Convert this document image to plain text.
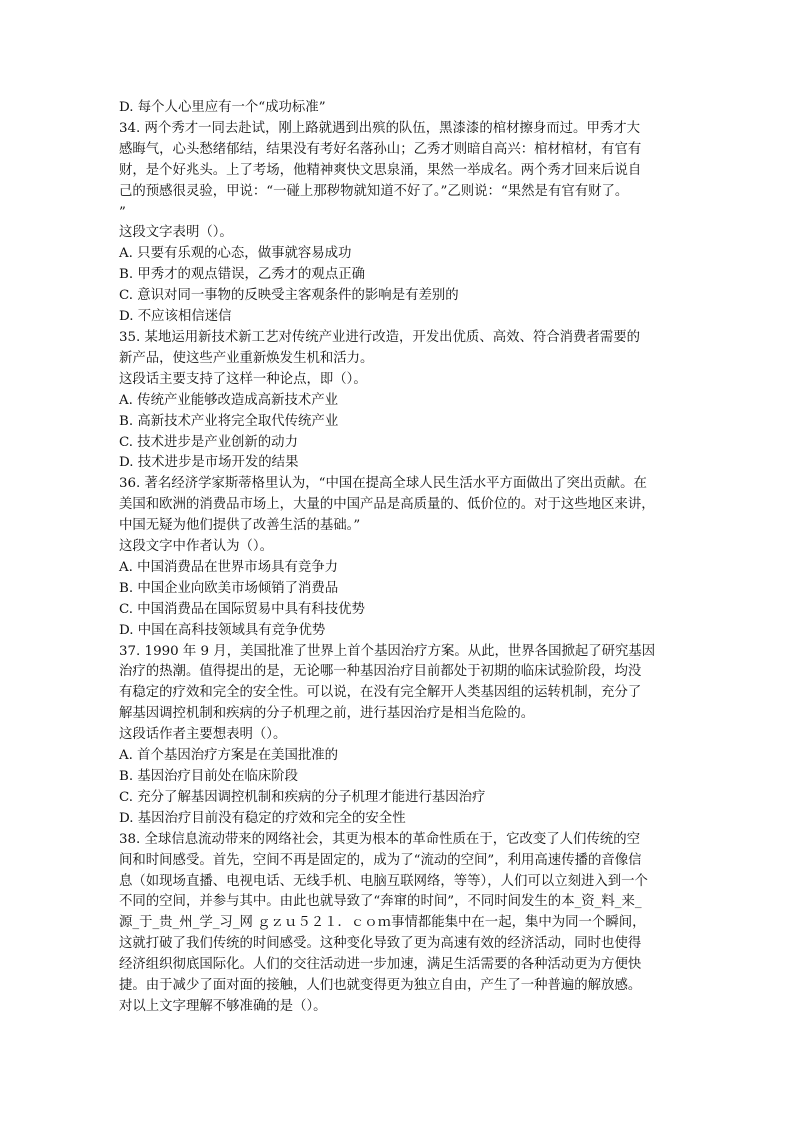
D. 每个人心里应有一个“成功标准”
34. 两个秀才一同去赴试，刚上路就遇到出殡的队伍，黑漆漆的棺材擦身而过。甲秀才大
感晦气，心头愁绪郁结，结果没有考好名落孙山；乙秀才则暗自高兴：棺材棺材，有官有
财，是个好兆头。上了考场，他精神爽快文思泉涌，果然一举成名。两个秀才回来后说自
己的预感很灵验，甲说：“一碰上那秽物就知道不好了。”乙则说：“果然是有官有财了。
”
这段文字表明（）。
A. 只要有乐观的心态，做事就容易成功
B. 甲秀才的观点错误，乙秀才的观点正确
C. 意识对同一事物的反映受主客观条件的影响是有差别的
D. 不应该相信迷信
35. 某地运用新技术新工艺对传统产业进行改造，开发出优质、高效、符合消费者需要的
新产品，使这些产业重新焕发生机和活力。
这段话主要支持了这样一种论点，即（）。
A. 传统产业能够改造成高新技术产业
B. 高新技术产业将完全取代传统产业
C. 技术进步是产业创新的动力
D. 技术进步是市场开发的结果
36. 著名经济学家斯蒂格里认为，“中国在提高全球人民生活水平方面做出了突出贡献。在
美国和欧洲的消费品市场上，大量的中国产品是高质量的、低价位的。对于这些地区来讲，
中国无疑为他们提供了改善生活的基础。”
这段文字中作者认为（）。
A. 中国消费品在世界市场具有竞争力
B. 中国企业向欧美市场倾销了消费品
C. 中国消费品在国际贸易中具有科技优势
D. 中国在高科技领域具有竞争优势
37. 1990 年 9 月，美国批准了世界上首个基因治疗方案。从此，世界各国掀起了研究基因
治疗的热潮。值得提出的是，无论哪一种基因治疗目前都处于初期的临床试验阶段，均没
有稳定的疗效和完全的安全性。可以说，在没有完全解开人类基因组的运转机制，充分了
解基因调控机制和疾病的分子机理之前，进行基因治疗是相当危险的。
这段话作者主要想表明（）。
A. 首个基因治疗方案是在美国批准的
B. 基因治疗目前处在临床阶段
C. 充分了解基因调控机制和疾病的分子机理才能进行基因治疗
D. 基因治疗目前没有稳定的疗效和完全的安全性
38. 全球信息流动带来的网络社会，其更为根本的革命性质在于，它改变了人们传统的空
间和时间感受。首先，空间不再是固定的，成为了“流动的空间”，利用高速传播的音像信
息（如现场直播、电视电话、无线手机、电脑互联网络，等等），人们可以立刻进入到一个
不同的空间，并参与其中。由此也就导致了“奔窜的时间”，不同时间发生的本_资_料_来_
源_于_贵_州_学_习_网 ｇｚｕ５２１．ｃｏｍ事情都能集中在一起，集中为同一个瞬间，
这就打破了我们传统的时间感受。这种变化导致了更为高速有效的经济活动，同时也使得
经济组织彻底国际化。人们的交往活动进一步加速，满足生活需要的各种活动更为方便快
捷。由于减少了面对面的接触，人们也就变得更为独立自由，产生了一种普遍的解放感。
对以上文字理解不够准确的是（）。
